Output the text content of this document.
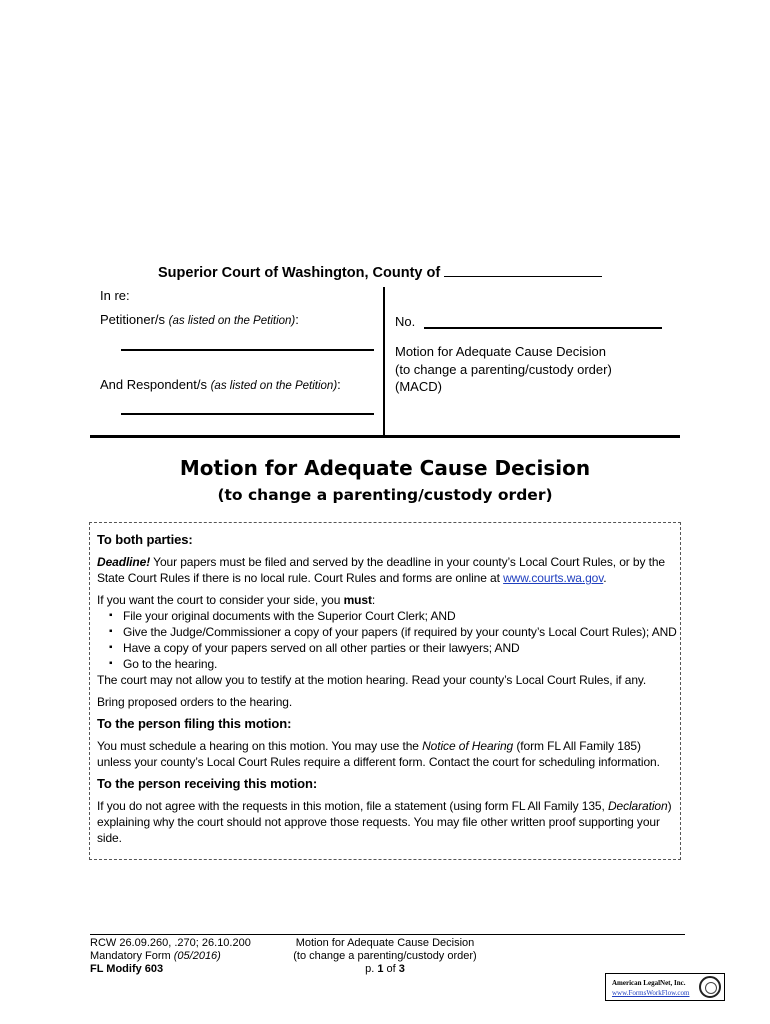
Superior Court of Washington, County of
In re:
Petitioner/s (as listed on the Petition):
And Respondent/s (as listed on the Petition):
No.
Motion for Adequate Cause Decision
(to change a parenting/custody order)
(MACD)
Motion for Adequate Cause Decision
(to change a parenting/custody order)
To both parties:
Deadline! Your papers must be filed and served by the deadline in your county’s Local Court Rules, or by the State Court Rules if there is no local rule. Court Rules and forms are online at www.courts.wa.gov.
If you want the court to consider your side, you must:
▪ File your original documents with the Superior Court Clerk; AND
▪ Give the Judge/Commissioner a copy of your papers (if required by your county’s Local Court Rules); AND
▪ Have a copy of your papers served on all other parties or their lawyers; AND
▪ Go to the hearing.
The court may not allow you to testify at the motion hearing. Read your county’s Local Court Rules, if any.
Bring proposed orders to the hearing.
To the person filing this motion:
You must schedule a hearing on this motion. You may use the Notice of Hearing (form FL All Family 185) unless your county’s Local Court Rules require a different form. Contact the court for scheduling information.
To the person receiving this motion:
If you do not agree with the requests in this motion, file a statement (using form FL All Family 135, Declaration) explaining why the court should not approve those requests. You may file other written proof supporting your side.
RCW 26.09.260, .270; 26.10.200
Mandatory Form (05/2016)
FL Modify 603
Motion for Adequate Cause Decision
(to change a parenting/custody order)
p. 1 of 3
American LegalNet, Inc.
www.FormsWorkFlow.com
